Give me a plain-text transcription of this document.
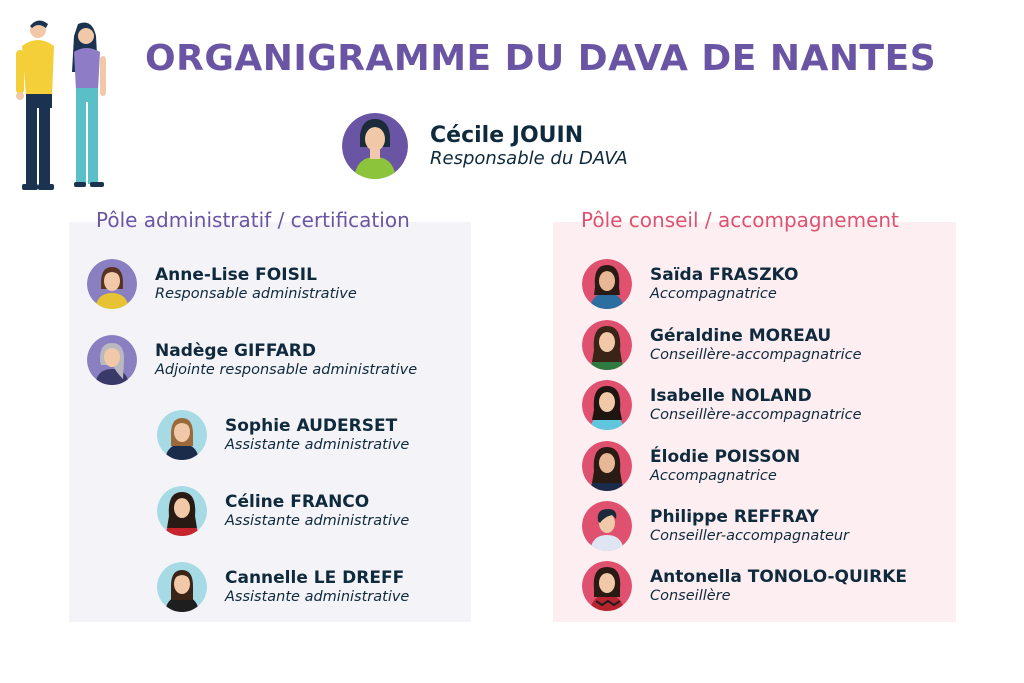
ORGANIGRAMME DU DAVA DE NANTES
Cécile JOUIN
Responsable du DAVA
Pôle administratif / certification	Pôle conseil / accompagnement
Anne-Lise FOISIL
Responsable administrative
Nadège GIFFARD
Adjointe responsable administrative
Sophie AUDERSET
Assistante administrative
Céline FRANCO
Assistante administrative
Cannelle LE DREFF
Assistante administrative
Saïda FRASZKO
Accompagnatrice
Géraldine MOREAU
Conseillère-accompagnatrice
Isabelle NOLAND
Conseillère-accompagnatrice
Élodie POISSON
Accompagnatrice
Philippe REFFRAY
Conseiller-accompagnateur
Antonella TONOLO-QUIRKE
Conseillère
